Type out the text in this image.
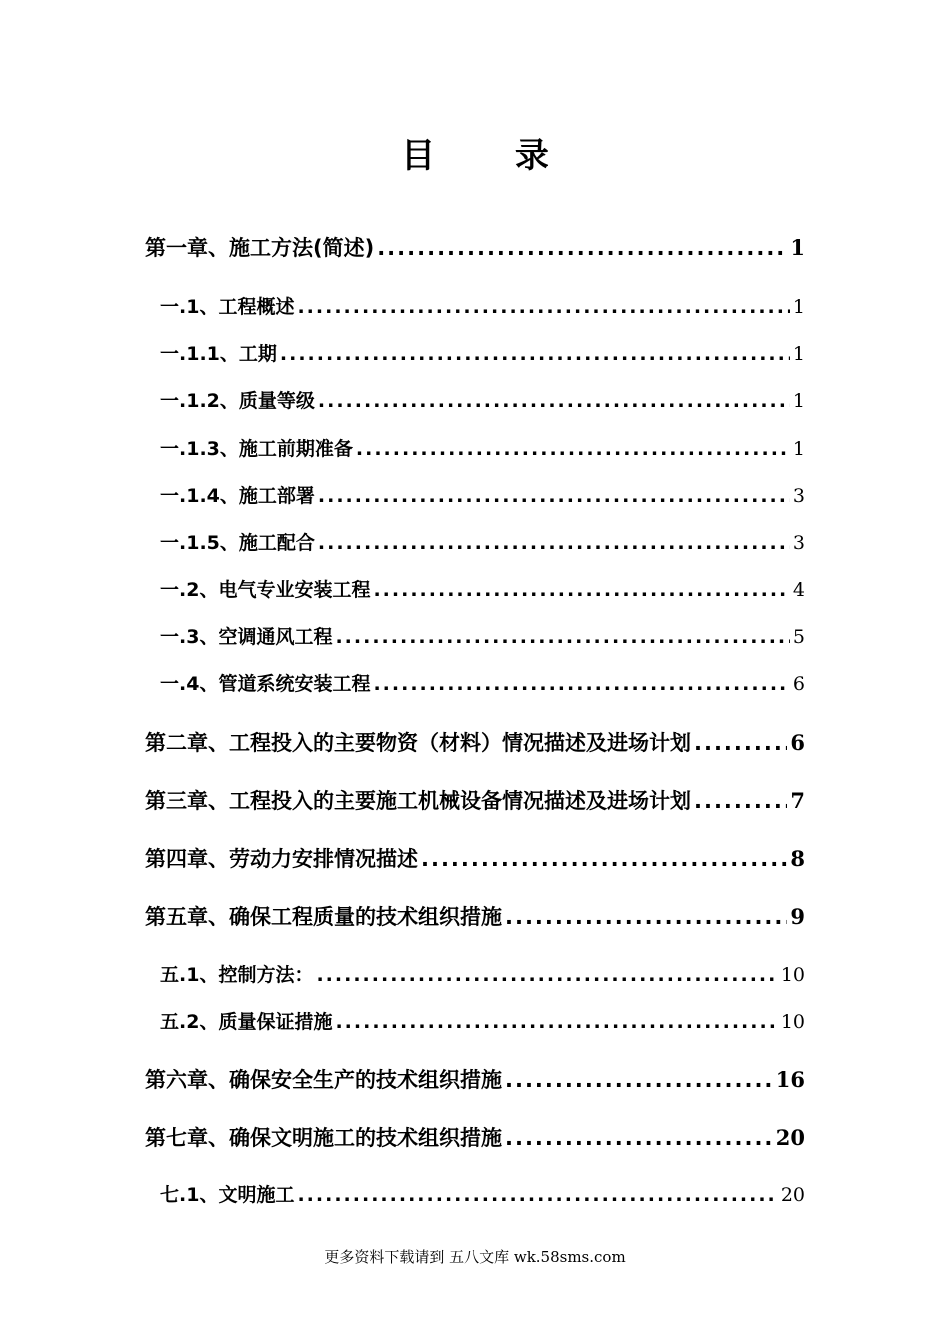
目 录
第一章、施工方法(简述) .....	1
一.1、工程概述 .....	1
一.1.1、工期 .....	1
一.1.2、质量等级 .....	1
一.1.3、施工前期准备 .....	1
一.1.4、施工部署 .....	3
一.1.5、施工配合 .....	3
一.2、电气专业安装工程 .....	4
一.3、空调通风工程 .....	5
一.4、管道系统安装工程 .....	6
第二章、工程投入的主要物资（材料）情况描述及进场计划 .....	6
第三章、工程投入的主要施工机械设备情况描述及进场计划 .....	7
第四章、劳动力安排情况描述 .....	8
第五章、确保工程质量的技术组织措施 .....	9
五.1、控制方法： .....	10
五.2、质量保证措施 .....	10
第六章、确保安全生产的技术组织措施 .....	16
第七章、确保文明施工的技术组织措施 .....	20
七.1、文明施工 .....	20
更多资料下载请到 五八文库 wk.58sms.com
